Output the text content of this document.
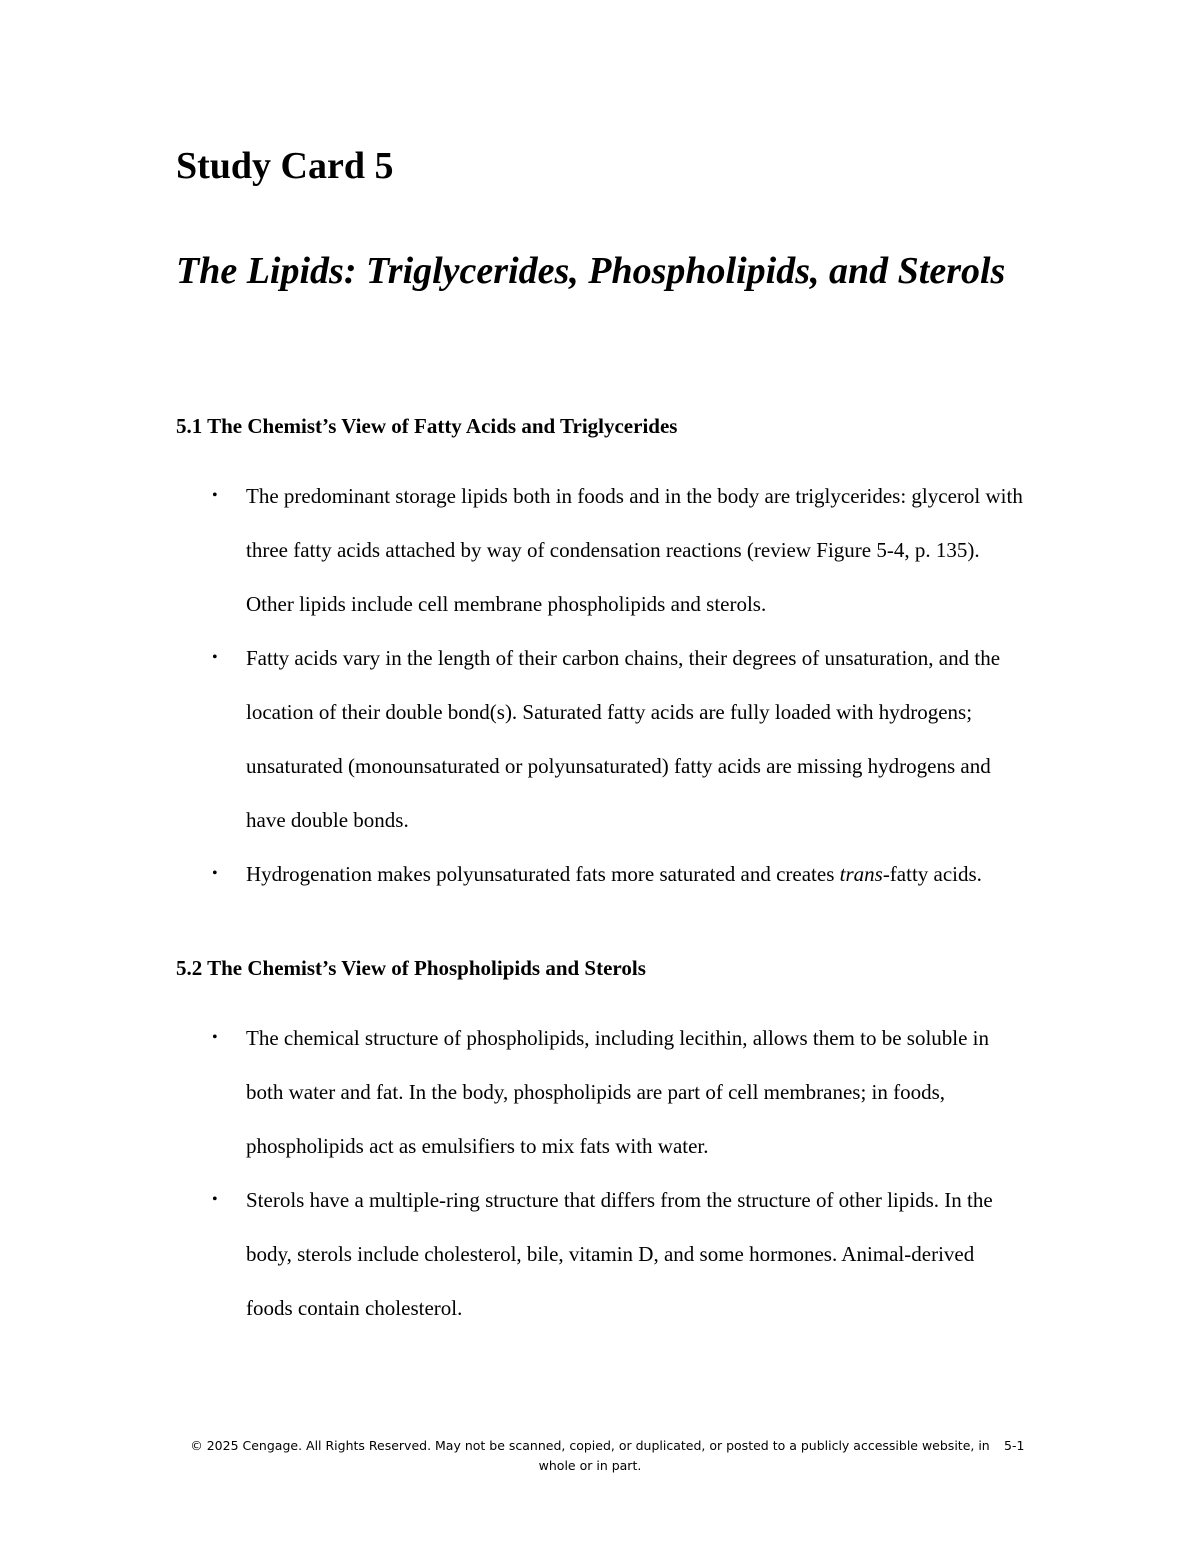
Study Card 5
The Lipids: Triglycerides, Phospholipids, and Sterols
5.1 The Chemist’s View of Fatty Acids and Triglycerides
• The predominant storage lipids both in foods and in the body are triglycerides: glycerol with three fatty acids attached by way of condensation reactions (review Figure 5-4, p. 135). Other lipids include cell membrane phospholipids and sterols.
• Fatty acids vary in the length of their carbon chains, their degrees of unsaturation, and the location of their double bond(s). Saturated fatty acids are fully loaded with hydrogens; unsaturated (monounsaturated or polyunsaturated) fatty acids are missing hydrogens and have double bonds.
• Hydrogenation makes polyunsaturated fats more saturated and creates trans-fatty acids.
5.2 The Chemist’s View of Phospholipids and Sterols
• The chemical structure of phospholipids, including lecithin, allows them to be soluble in both water and fat. In the body, phospholipids are part of cell membranes; in foods, phospholipids act as emulsifiers to mix fats with water.
• Sterols have a multiple-ring structure that differs from the structure of other lipids. In the body, sterols include cholesterol, bile, vitamin D, and some hormones. Animal-derived foods contain cholesterol.
© 2025 Cengage. All Rights Reserved. May not be scanned, copied, or duplicated, or posted to a publicly accessible website, in whole or in part.
5-1
